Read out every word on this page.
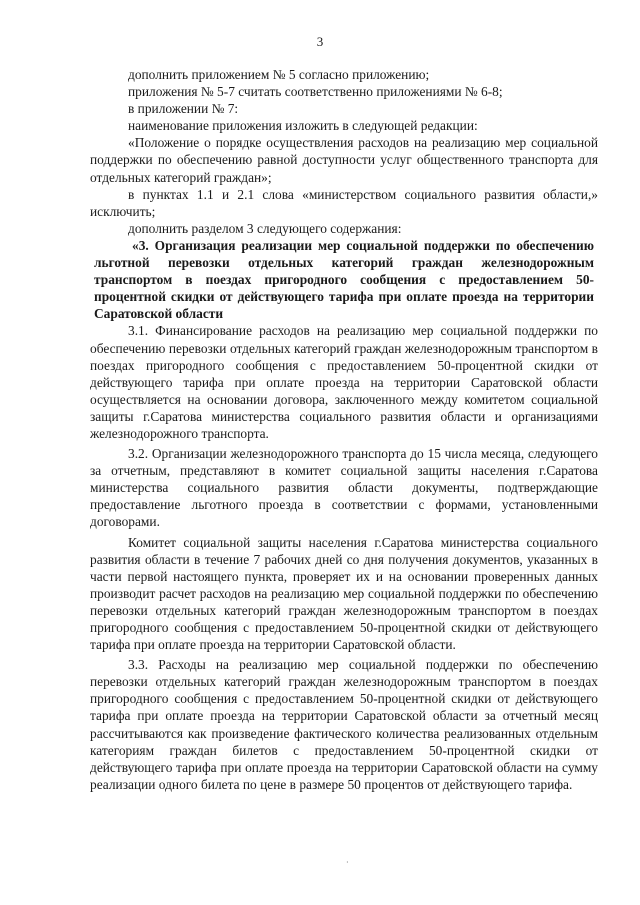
3

дополнить приложением № 5 согласно приложению;

приложения № 5-7 считать соответственно приложениями № 6-8;

в приложении № 7:

наименование приложения изложить в следующей редакции:

«Положение о порядке осуществления расходов на реализацию мер социальной поддержки по обеспечению равной доступности услуг общественного транспорта для отдельных категорий граждан»;

в пунктах 1.1 и 2.1 слова «министерством социального развития области,» исключить;

дополнить разделом 3 следующего содержания:

«3. Организация реализации мер социальной поддержки по обеспечению льготной перевозки отдельных категорий граждан железнодорожным транспортом в поездах пригородного сообщения с предоставлением 50-процентной скидки от действующего тарифа при оплате проезда на территории Саратовской области

3.1. Финансирование расходов на реализацию мер социальной поддержки по обеспечению перевозки отдельных категорий граждан железнодорожным транспортом в поездах пригородного сообщения с предоставлением 50-процентной скидки от действующего тарифа при оплате проезда на территории Саратовской области осуществляется на основании договора, заключенного между комитетом социальной защиты г.Саратова министерства социального развития области и организациями железнодорожного транспорта.

3.2. Организации железнодорожного транспорта до 15 числа месяца, следующего за отчетным, представляют в комитет социальной защиты населения г.Саратова министерства социального развития области документы, подтверждающие предоставление льготного проезда в соответствии с формами, установленными договорами.

Комитет социальной защиты населения г.Саратова министерства социального развития области в течение 7 рабочих дней со дня получения документов, указанных в части первой настоящего пункта, проверяет их и на основании проверенных данных производит расчет расходов на реализацию мер социальной поддержки по обеспечению перевозки отдельных категорий граждан железнодорожным транспортом в поездах пригородного сообщения с предоставлением 50-процентной скидки от действующего тарифа при оплате проезда на территории Саратовской области.

3.3. Расходы на реализацию мер социальной поддержки по обеспечению перевозки отдельных категорий граждан железнодорожным транспортом в поездах пригородного сообщения с предоставлением 50-процентной скидки от действующего тарифа при оплате проезда на территории Саратовской области за отчетный месяц рассчитываются как произведение фактического количества реализованных отдельным категориям граждан билетов с предоставлением 50-процентной скидки от действующего тарифа при оплате проезда на территории Саратовской области на сумму реализации одного билета по цене в размере 50 процентов от действующего тарифа.

·
